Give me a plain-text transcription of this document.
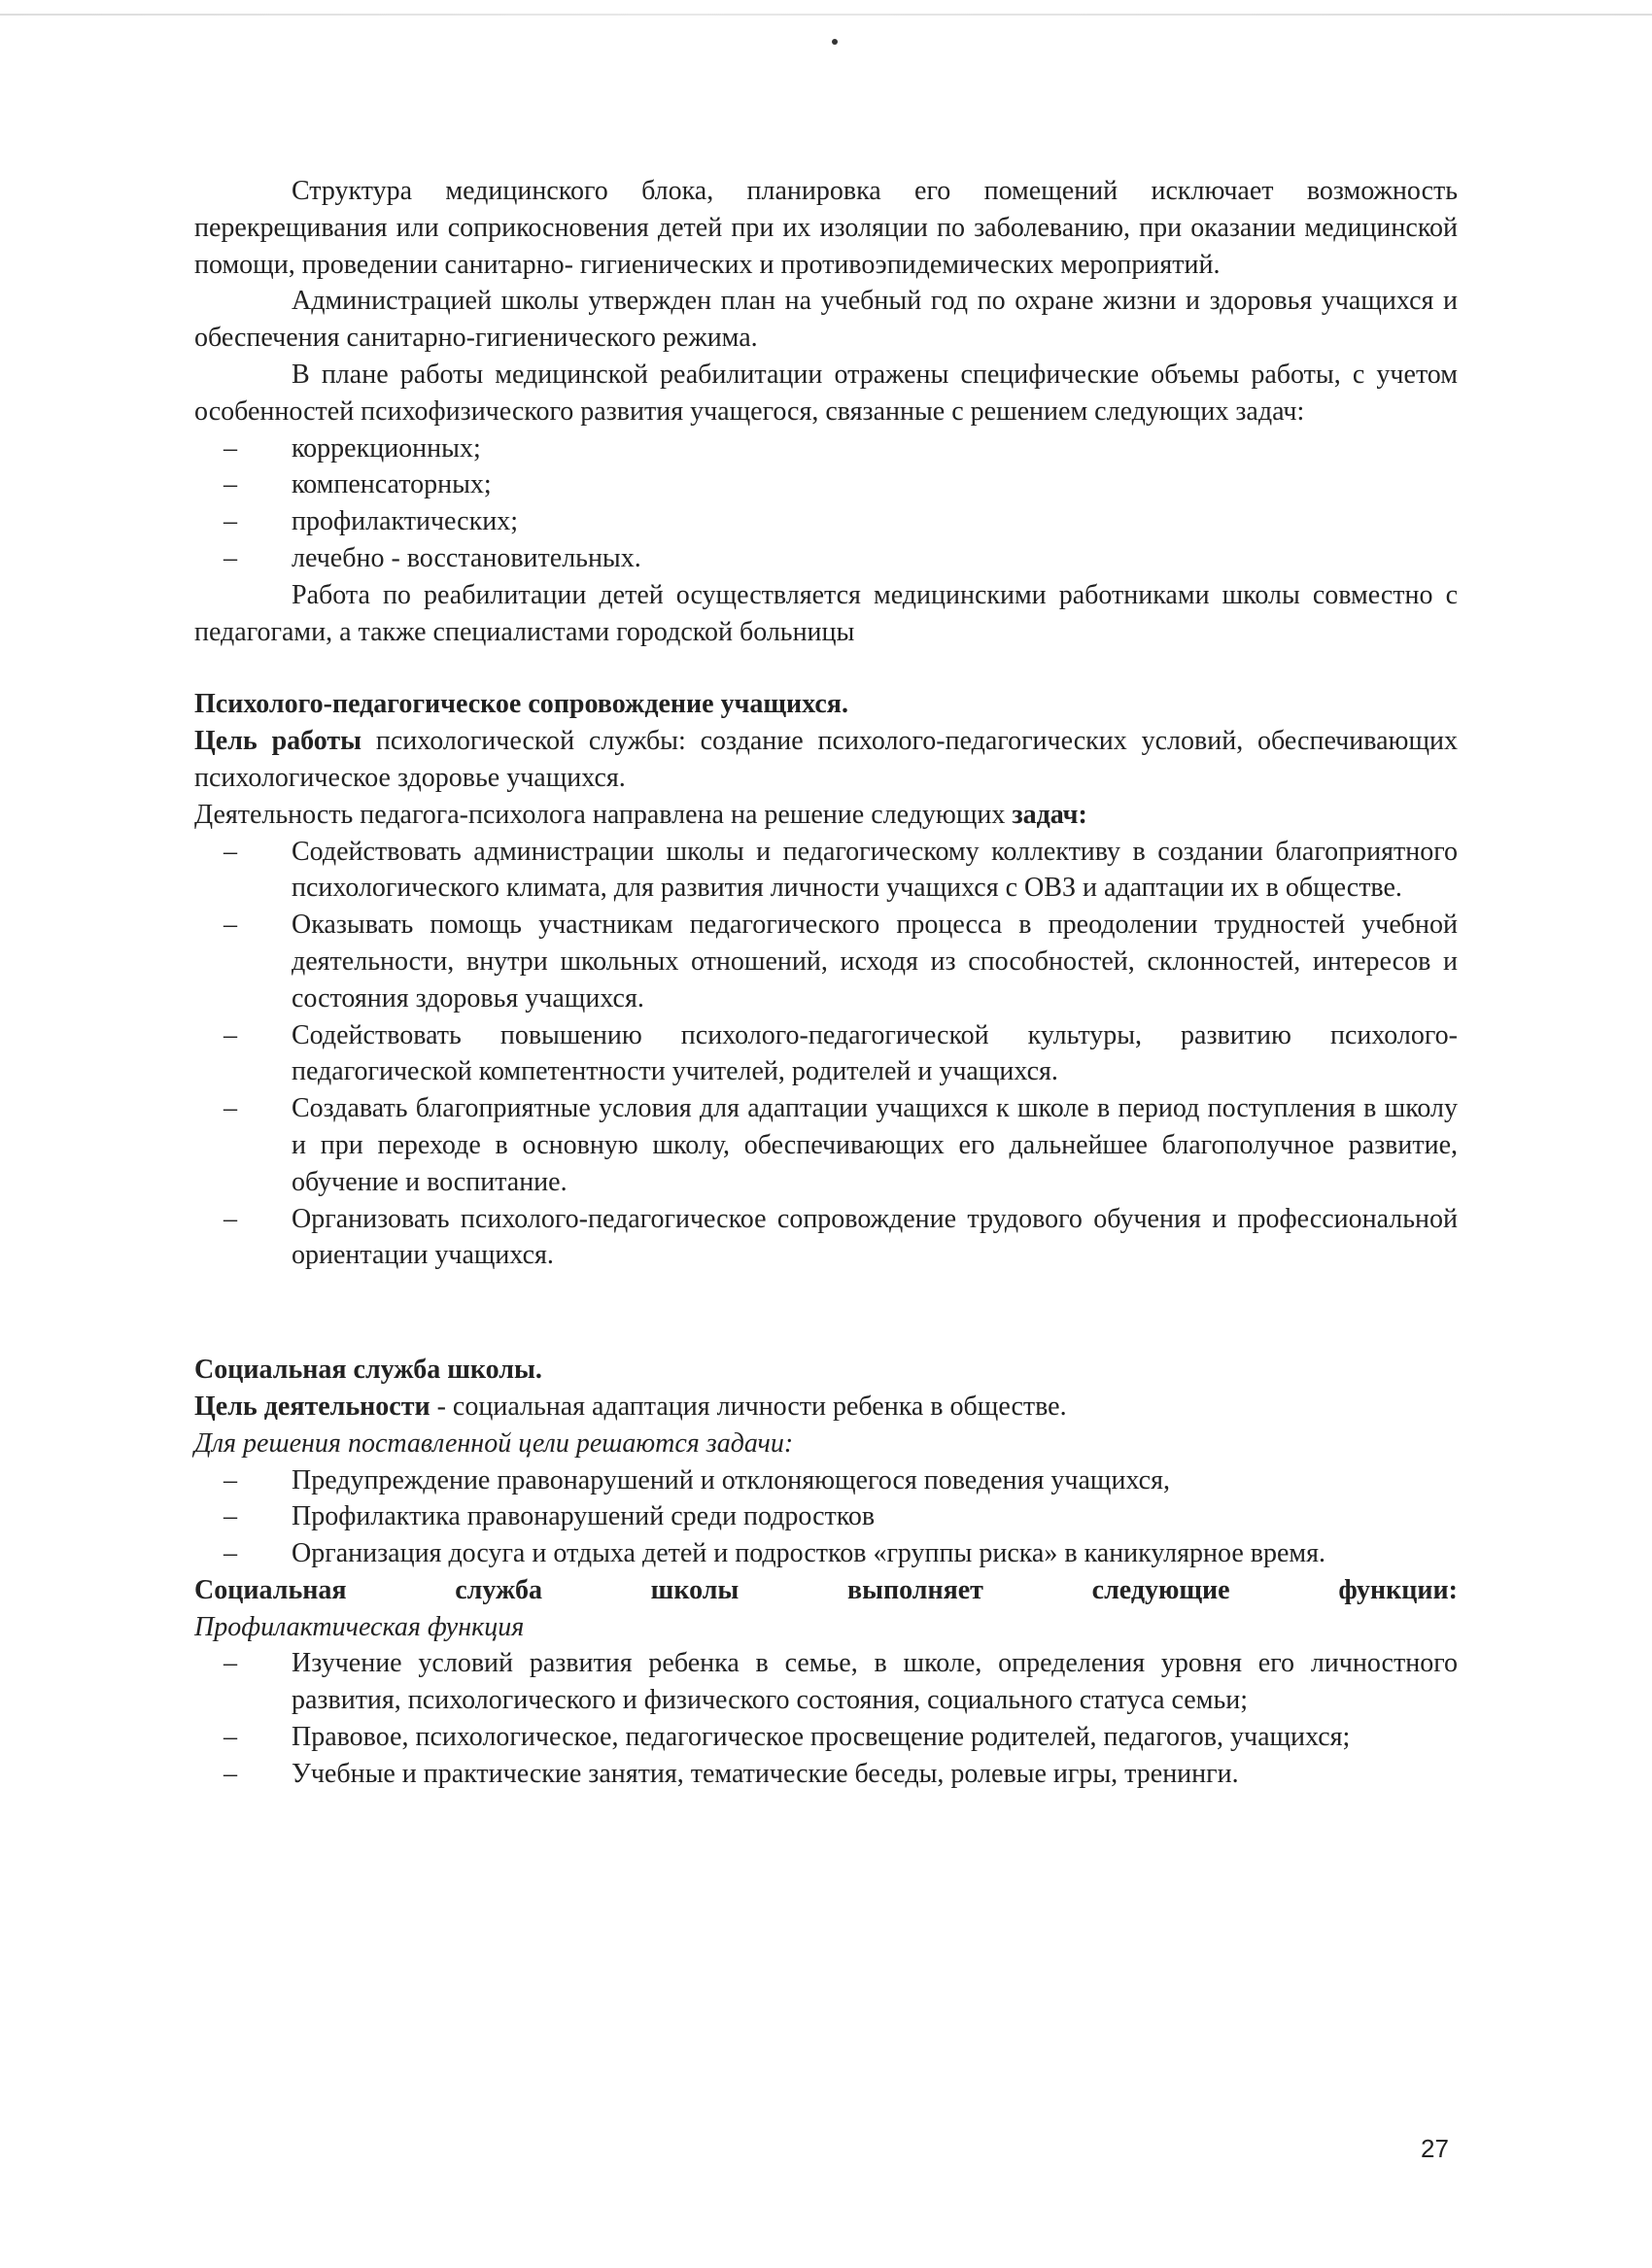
Структура медицинского блока, планировка его помещений исключает возможность перекрещивания или соприкосновения детей при их изоляции по заболеванию, при оказании медицинской помощи, проведении санитарно- гигиенических и противоэпидемических мероприятий.

Администрацией школы утвержден план на учебный год по охране жизни и здоровья учащихся и обеспечения санитарно-гигиенического режима.

В плане работы медицинской реабилитации отражены специфические объемы работы, с учетом особенностей психофизического развития учащегося, связанные с решением следующих задач:

– коррекционных;
– компенсаторных;
– профилактических;
– лечебно - восстановительных.

Работа по реабилитации детей осуществляется медицинскими работниками школы совместно с педагогами, а также специалистами городской больницы

Психолого-педагогическое сопровождение учащихся.

Цель работы психологической службы: создание психолого-педагогических условий, обеспечивающих психологическое здоровье учащихся.

Деятельность педагога-психолога направлена на решение следующих задач:

– Содействовать администрации школы и педагогическому коллективу в создании благоприятного психологического климата, для развития личности учащихся с ОВЗ и адаптации их в обществе.
– Оказывать помощь участникам педагогического процесса в преодолении трудностей учебной деятельности, внутри школьных отношений, исходя из способностей, склонностей, интересов и состояния здоровья учащихся.
– Содействовать повышению психолого-педагогической культуры, развитию психолого-педагогической компетентности учителей, родителей и учащихся.
– Создавать благоприятные условия для адаптации учащихся к школе в период поступления в школу и при переходе в основную школу, обеспечивающих его дальнейшее благополучное развитие, обучение и воспитание.
– Организовать психолого-педагогическое сопровождение трудового обучения и профессиональной ориентации учащихся.

Социальная служба школы.

Цель деятельности - социальная адаптация личности ребенка в обществе.

Для решения поставленной цели решаются задачи:

– Предупреждение правонарушений и отклоняющегося поведения учащихся,
– Профилактика правонарушений среди подростков
– Организация досуга и отдыха детей и подростков «группы риска» в каникулярное время.

Социальная служба школы выполняет следующие функции:

Профилактическая функция

– Изучение условий развития ребенка в семье, в школе, определения уровня его личностного развития, психологического и физического состояния, социального статуса семьи;
– Правовое, психологическое, педагогическое просвещение родителей, педагогов, учащихся;
– Учебные и практические занятия, тематические беседы, ролевые игры, тренинги.
27
